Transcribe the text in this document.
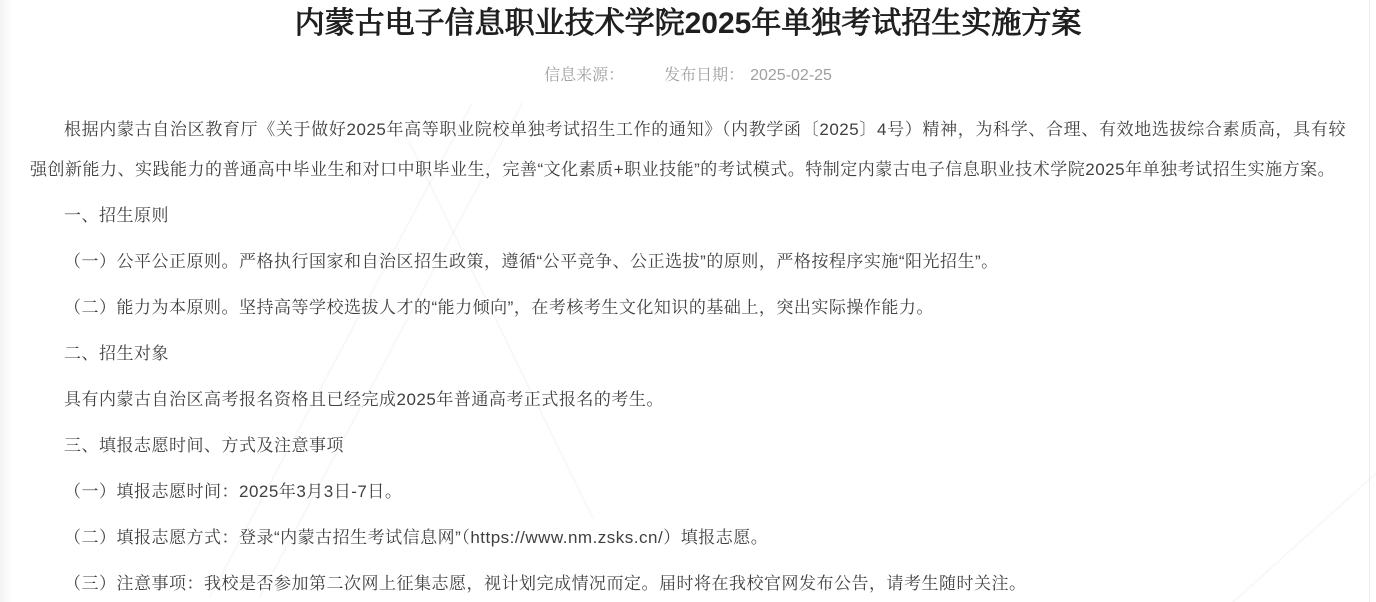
内蒙古电子信息职业技术学院2025年单独考试招生实施方案
信息来源：	发布日期： 2025-02-25

根据内蒙古自治区教育厅《关于做好2025年高等职业院校单独考试招生工作的通知》（内教学函〔2025〕4号）精神，为科学、合理、有效地选拔综合素质高，具有较强创新能力、实践能力的普通高中毕业生和对口中职毕业生，完善“文化素质+职业技能”的考试模式。特制定内蒙古电子信息职业技术学院2025年单独考试招生实施方案。

一、招生原则

（一）公平公正原则。严格执行国家和自治区招生政策，遵循“公平竞争、公正选拔”的原则，严格按程序实施“阳光招生”。

（二）能力为本原则。坚持高等学校选拔人才的“能力倾向”，在考核考生文化知识的基础上，突出实际操作能力。

二、招生对象

具有内蒙古自治区高考报名资格且已经完成2025年普通高考正式报名的考生。

三、填报志愿时间、方式及注意事项

（一）填报志愿时间：2025年3月3日-7日。

（二）填报志愿方式：登录“内蒙古招生考试信息网”（https://www.nm.zsks.cn/）填报志愿。

（三）注意事项：我校是否参加第二次网上征集志愿，视计划完成情况而定。届时将在我校官网发布公告，请考生随时关注。
